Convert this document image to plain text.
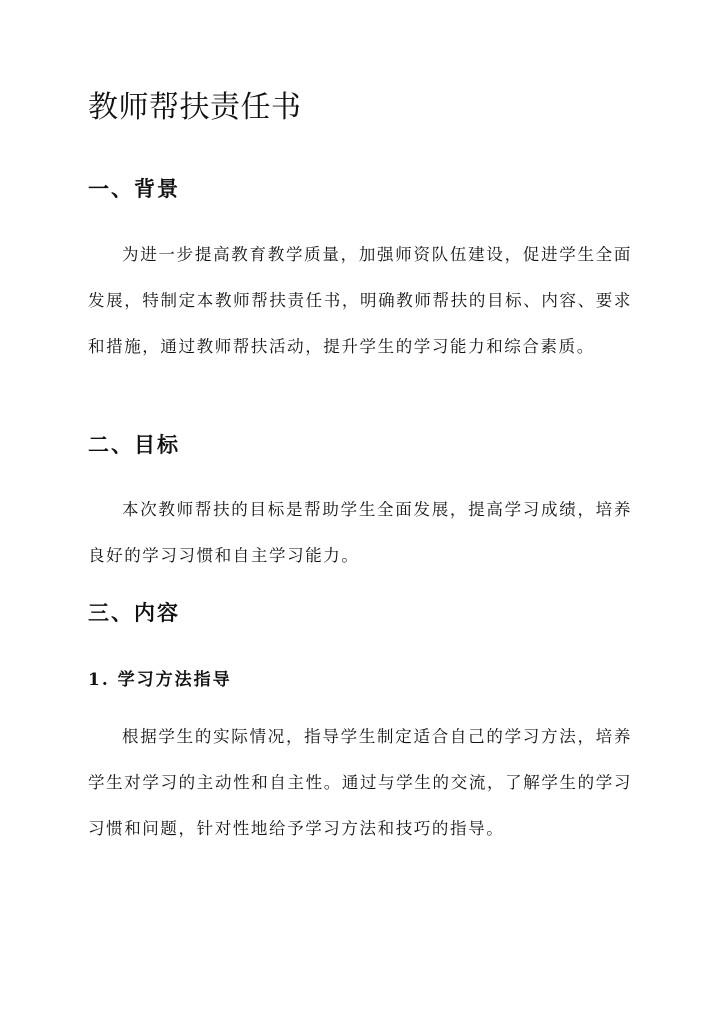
教师帮扶责任书
一、背景

为进一步提高教育教学质量，加强师资队伍建设，促进学生全面发展，特制定本教师帮扶责任书，明确教师帮扶的目标、内容、要求和措施，通过教师帮扶活动，提升学生的学习能力和综合素质。

二、目标

本次教师帮扶的目标是帮助学生全面发展，提高学习成绩，培养良好的学习习惯和自主学习能力。

三、内容
1. 学习方法指导

根据学生的实际情况，指导学生制定适合自己的学习方法，培养学生对学习的主动性和自主性。通过与学生的交流，了解学生的学习习惯和问题，针对性地给予学习方法和技巧的指导。
